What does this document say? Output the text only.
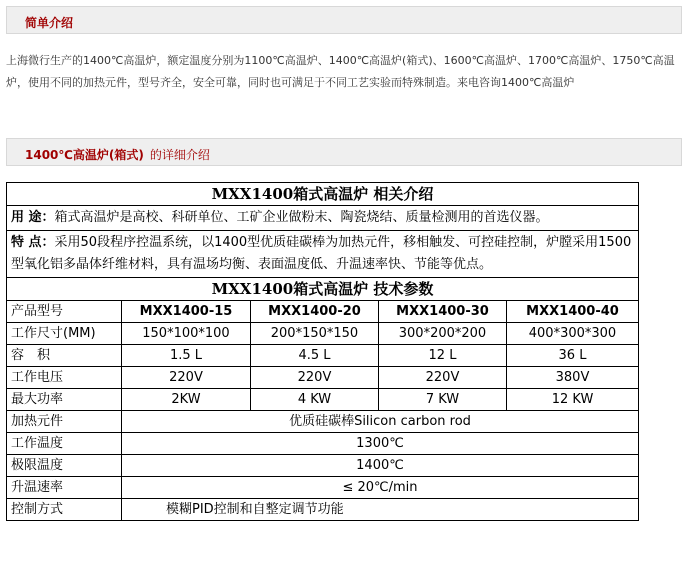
简单介绍
上海微行生产的1400℃高温炉，额定温度分别为1100℃高温炉、1400℃高温炉(箱式)、1600℃高温炉、1700℃高温炉、1750℃高温炉，使用不同的加热元件，型号齐全，安全可靠，同时也可满足于不同工艺实验而特殊制造。来电咨询1400℃高温炉
1400℃高温炉(箱式) 的详细介绍
MXX1400箱式高温炉 相关介绍				
用 途：箱式高温炉是高校、科研单位、工矿企业做粉末、陶瓷烧结、质量检测用的首选仪器。				
特 点：采用50段程序控温系统，以1400型优质硅碳棒为加热元件，移相触发、可控硅控制，炉膛采用1500型氧化铝多晶体纤维材料，具有温场均衡、表面温度低、升温速率快、节能等优点。				
MXX1400箱式高温炉 技术参数				
产品型号	MXX1400-15	MXX1400-20	MXX1400-30	MXX1400-40
工作尺寸(MM)	150*100*100	200*150*150	300*200*200	400*300*300
容　积	1.5 L	4.5 L	12 L	36 L
工作电压	220V	220V	220V	380V
最大功率	2KW	4 KW	7 KW	12 KW
加热元件	优质硅碳棒Silicon carbon rod			
工作温度	1300℃			
极限温度	1400℃			
升温速率	≤ 20℃/min			
控制方式	模糊PID控制和自整定调节功能			
